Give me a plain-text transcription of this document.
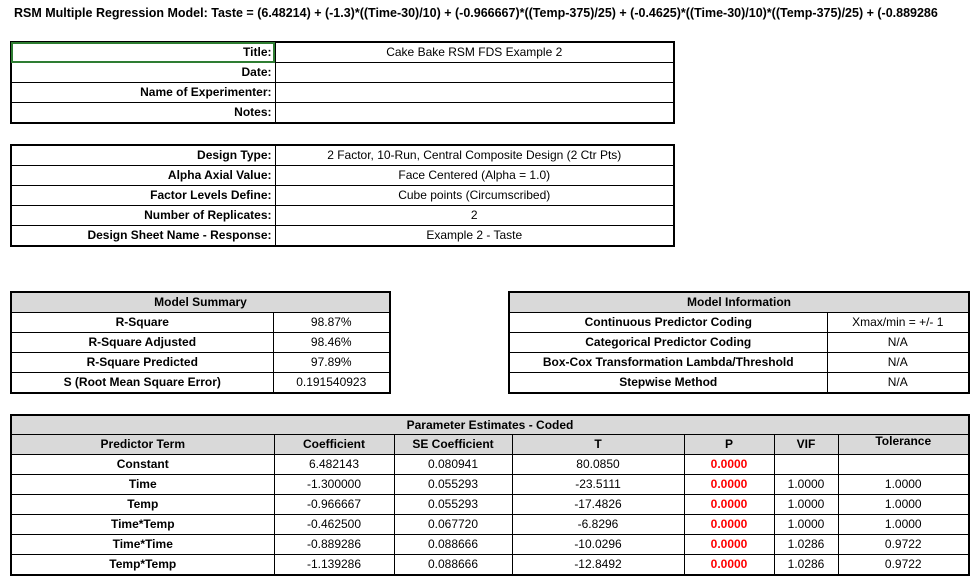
RSM Multiple Regression Model: Taste = (6.48214) + (-1.3)*((Time-30)/10) + (-0.966667)*((Temp-375)/25) + (-0.4625)*((Time-30)/10)*((Temp-375)/25) + (-0.889286
Title:	Cake Bake RSM FDS Example 2
Date:	
Name of Experimenter:	
Notes:	
Design Type:	2 Factor, 10-Run, Central Composite Design (2 Ctr Pts)
Alpha Axial Value:	Face Centered (Alpha = 1.0)
Factor Levels Define:	Cube points (Circumscribed)
Number of Replicates:	2
Design Sheet Name - Response:	Example 2 - Taste
Model Summary	
R-Square	98.87%
R-Square Adjusted	98.46%
R-Square Predicted	97.89%
S (Root Mean Square Error)	0.191540923
Model Information	
Continuous Predictor Coding	Xmax/min = +/- 1
Categorical Predictor Coding	N/A
Box-Cox Transformation Lambda/Threshold	N/A
Stepwise Method	N/A
Parameter Estimates - Coded						
Predictor Term	Coefficient	SE Coefficient	T	P	VIF	Tolerance
Constant	6.482143	0.080941	80.0850	0.0000		
Time	-1.300000	0.055293	-23.5111	0.0000	1.0000	1.0000
Temp	-0.966667	0.055293	-17.4826	0.0000	1.0000	1.0000
Time*Temp	-0.462500	0.067720	-6.8296	0.0000	1.0000	1.0000
Time*Time	-0.889286	0.088666	-10.0296	0.0000	1.0286	0.9722
Temp*Temp	-1.139286	0.088666	-12.8492	0.0000	1.0286	0.9722
